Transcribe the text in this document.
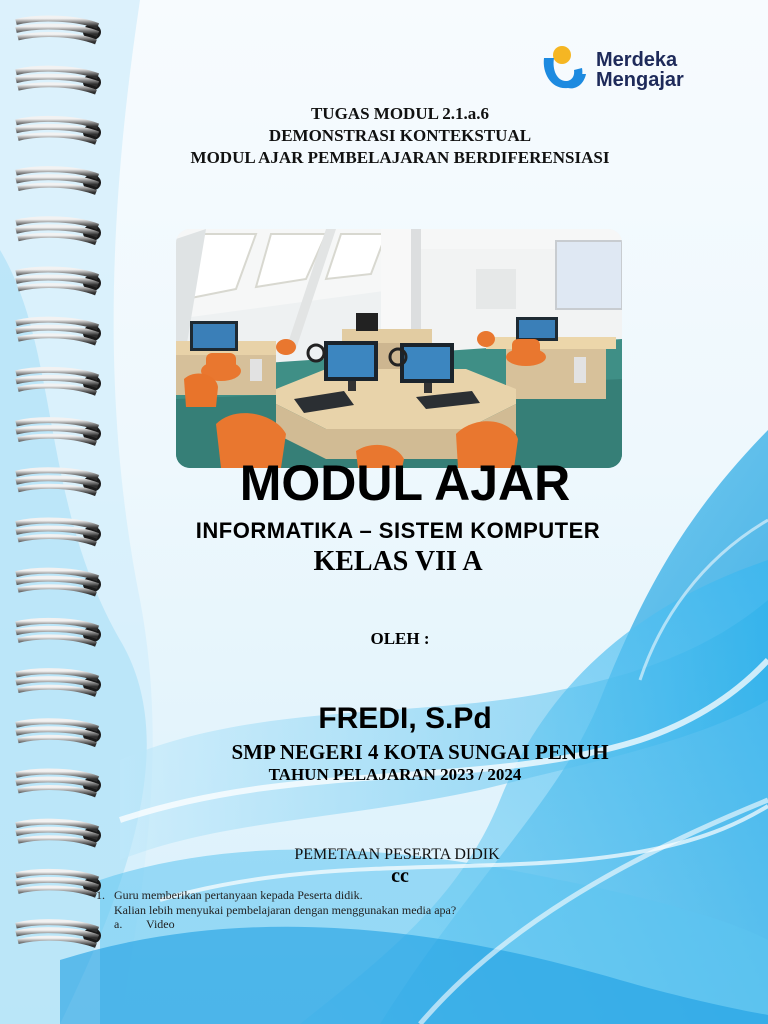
Merdeka
Mengajar
TUGAS MODUL 2.1.a.6
DEMONSTRASI KONTEKSTUAL
MODUL AJAR PEMBELAJARAN BERDIFERENSIASI
MODUL AJAR
INFORMATIKA – SISTEM KOMPUTER
KELAS VII A
OLEH :
FREDI, S.Pd
SMP NEGERI 4 KOTA SUNGAI PENUH
TAHUN PELAJARAN 2023 / 2024
PEMETAAN PESERTA DIDIK
cc
1. Guru memberikan pertanyaan kepada Peserta didik.
Kalian lebih menyukai pembelajaran dengan menggunakan media apa?
a.	Video
